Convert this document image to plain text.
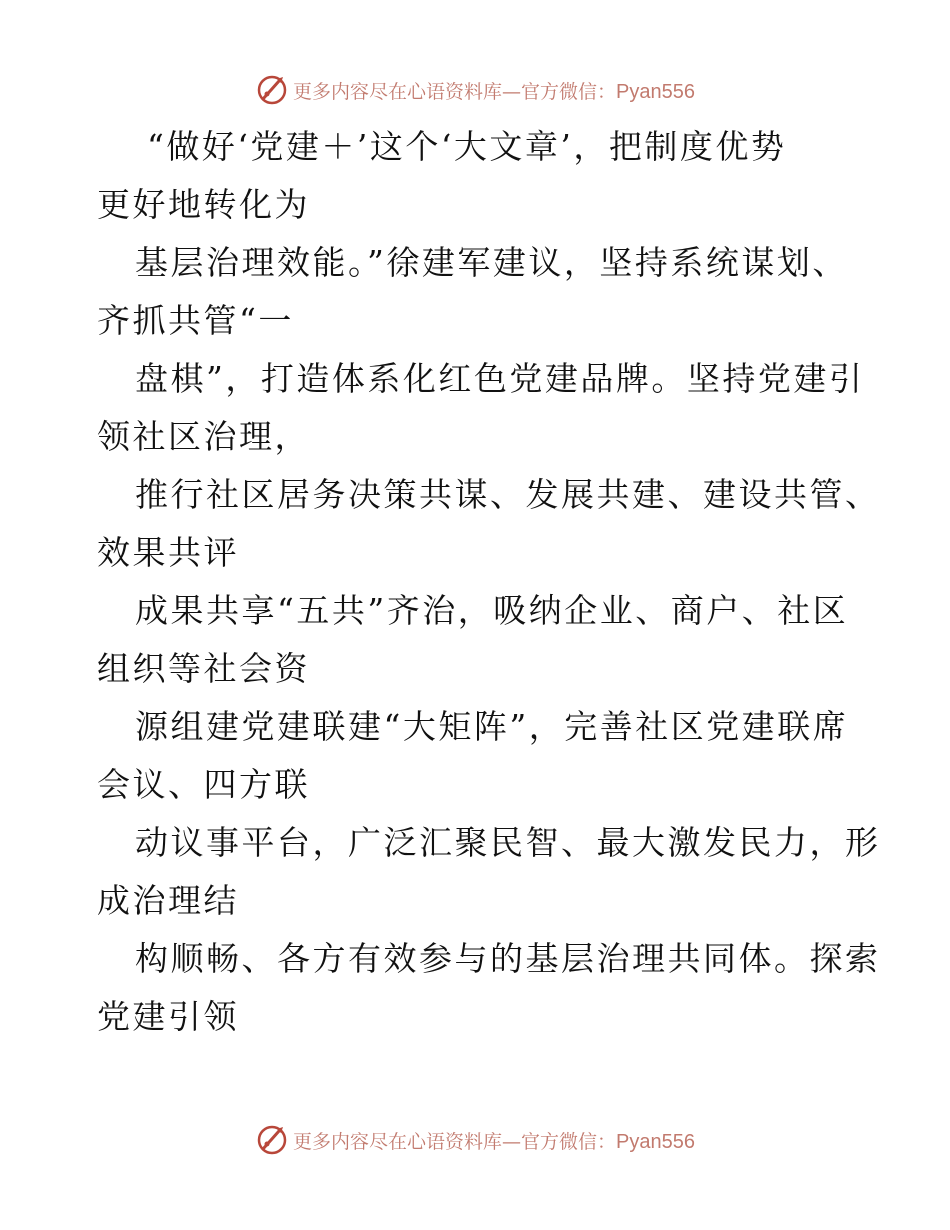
更多内容尽在心语资料库—官方微信：Pyan556
“做好‘党建＋’这个‘大文章’，把制度优势
更好地转化为
基层治理效能。”徐建军建议，坚持系统谋划、
齐抓共管“一
盘棋”，打造体系化红色党建品牌。坚持党建引
领社区治理，
推行社区居务决策共谋、发展共建、建设共管、
效果共评
成果共享“五共”齐治，吸纳企业、商户、社区
组织等社会资
源组建党建联建“大矩阵”，完善社区党建联席
会议、四方联
动议事平台，广泛汇聚民智、最大激发民力，形
成治理结
构顺畅、各方有效参与的基层治理共同体。探索
党建引领
更多内容尽在心语资料库—官方微信：Pyan556
